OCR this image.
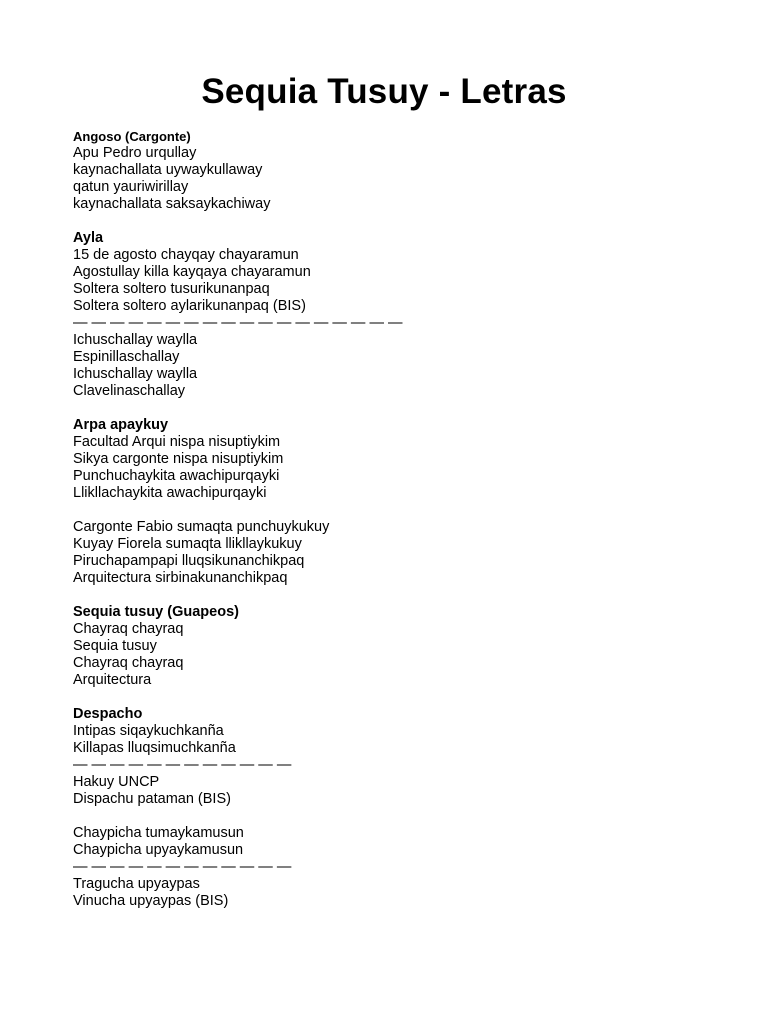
Sequia Tusuy - Letras
Angoso (Cargonte)
Apu Pedro urqullay
kaynachallata uywaykullaway
qatun yauriwirillay
kaynachallata saksaykachiway
Ayla
15 de agosto chayqay chayaramun
Agostullay killa kayqaya chayaramun
Soltera soltero tusurikunanpaq
Soltera soltero aylarikunanpaq (BIS)
— — — — — — — — — — — — — — — — — —
Ichuschallay waylla
Espinillaschallay
Ichuschallay waylla
Clavelinaschallay
Arpa apaykuy
Facultad Arqui nispa nisuptiykim
Sikya cargonte nispa nisuptiykim
Punchuchaykita awachipurqayki
Llikllachaykita awachipurqayki
Cargonte Fabio sumaqta punchuykukuy
Kuyay Fiorela sumaqta llikllaykukuy
Piruchapampapi lluqsikunanchikpaq
Arquitectura sirbinakunanchikpaq
Sequia tusuy (Guapeos)
Chayraq chayraq
Sequia tusuy
Chayraq chayraq
Arquitectura
Despacho
Intipas siqaykuchkanña
Killapas lluqsimuchkanña
— — — — — — — — — — — —
Hakuy UNCP
Dispachu pataman (BIS)
Chaypicha tumaykamusun
Chaypicha upyaykamusun
— — — — — — — — — — — —
Tragucha upyaypas
Vinucha upyaypas (BIS)
